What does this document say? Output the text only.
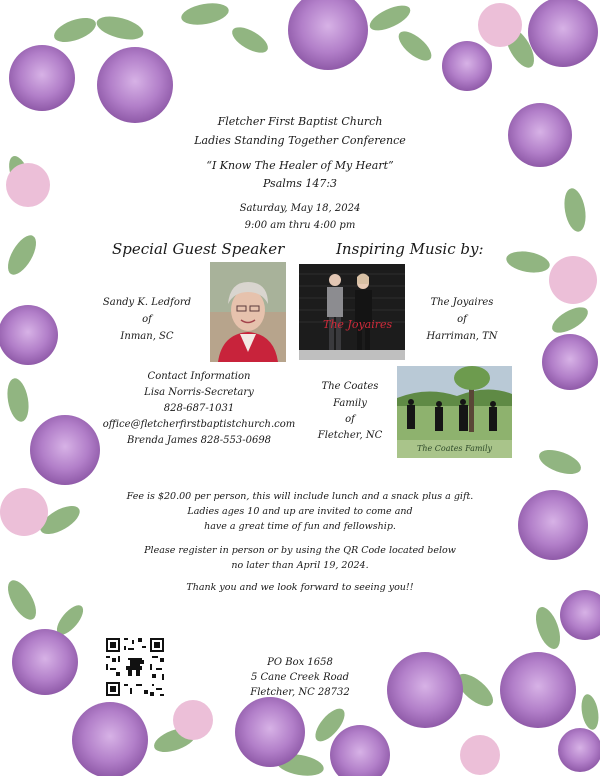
Fletcher First Baptist Church
Ladies Standing Together Conference
“I Know The Healer of My Heart”
Psalms 147:3
Saturday, May 18, 2024
9:00 am thru 4:00 pm
Special Guest Speaker	Inspiring Music by:
Sandy K. Ledford
of
Inman, SC
The Joyaires
The Joyaires
of
Harriman, TN
Contact Information
Lisa Norris-Secretary
828-687-1031
office@fletcherfirstbaptistchurch.com
Brenda James 828-553-0698
The Coates
Family
of
Fletcher, NC
The Coates Family
Fee is $20.00 per person, this will include lunch and a snack plus a gift.
Ladies ages 10 and up are invited to come and
have a great time of fun and fellowship.
Please register in person or by using the QR Code located below
no later than April 19, 2024.
Thank you and we look forward to seeing you!!
PO Box 1658
5 Cane Creek Road
Fletcher, NC 28732
